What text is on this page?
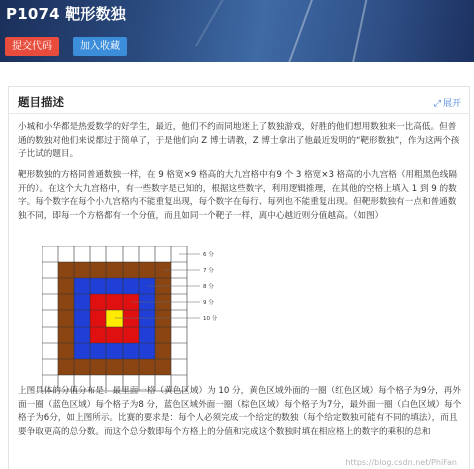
P1074 靶形数独
提交代码	加入收藏
题目描述	⤢ 展开
小城和小华都是热爱数学的好学生，最近，他们不约而同地迷上了数独游戏，好胜的他们想用数独来一比高低。但普通的数独对他们来说都过于简单了，于是他们向 Z 博士请教，Z 博士拿出了他最近发明的“靶形数独”，作为这两个孩子比试的题目。
靶形数独的方格同普通数独一样，在 9 格宽×9 格高的大九宫格中有9 个 3 格宽×3 格高的小九宫格（用粗黑色线隔开的）。在这个大九宫格中，有一些数字是已知的，根据这些数字，利用逻辑推理，在其他的空格上填入 1 到 9 的数字。每个数字在每个小九宫格内不能重复出现，每个数字在每行、每列也不能重复出现。但靶形数独有一点和普通数独不同，即每一个方格都有一个分值，而且如同一个靶子一样，离中心越近则分值越高。（如图）
6 分
7 分
8 分
9 分
10 分
上图具体的分值分布是：最里面一格（黄色区域）为 10 分，黄色区域外面的一圈（红色区域）每个格子为9分，再外面一圈（蓝色区域）每个格子为8 分，蓝色区域外面一圈（棕色区域）每个格子为7分，最外面一圈（白色区域）每个格子为6分，如上图所示。比赛的要求是：每个人必须完成一个给定的数独（每个给定数独可能有不同的填法），而且要争取更高的总分数。而这个总分数即每个方格上的分值和完成这个数独时填在相应格上的数字的乘积的总和
https://blog.csdn.net/PhiFan
